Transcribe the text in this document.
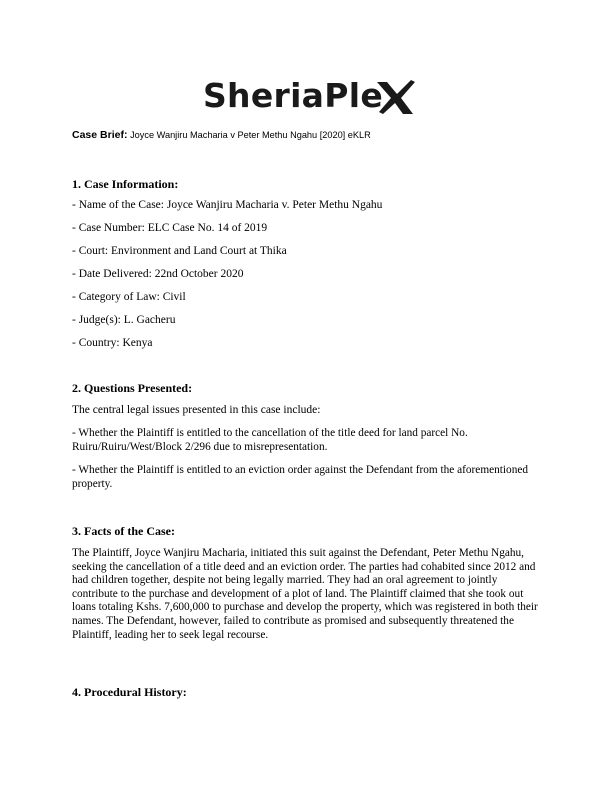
SheriaPle
Case Brief: Joyce Wanjiru Macharia v Peter Methu Ngahu [2020] eKLR
1. Case Information:
- Name of the Case: Joyce Wanjiru Macharia v. Peter Methu Ngahu
- Case Number: ELC Case No. 14 of 2019
- Court: Environment and Land Court at Thika
- Date Delivered: 22nd October 2020
- Category of Law: Civil
- Judge(s): L. Gacheru
- Country: Kenya
2. Questions Presented:
The central legal issues presented in this case include:
- Whether the Plaintiff is entitled to the cancellation of the title deed for land parcel No. Ruiru/Ruiru/West/Block 2/296 due to misrepresentation.
- Whether the Plaintiff is entitled to an eviction order against the Defendant from the aforementioned property.
3. Facts of the Case:
The Plaintiff, Joyce Wanjiru Macharia, initiated this suit against the Defendant, Peter Methu Ngahu, seeking the cancellation of a title deed and an eviction order. The parties had cohabited since 2012 and had children together, despite not being legally married. They had an oral agreement to jointly contribute to the purchase and development of a plot of land. The Plaintiff claimed that she took out loans totaling Kshs. 7,600,000 to purchase and develop the property, which was registered in both their names. The Defendant, however, failed to contribute as promised and subsequently threatened the Plaintiff, leading her to seek legal recourse.
4. Procedural History:
